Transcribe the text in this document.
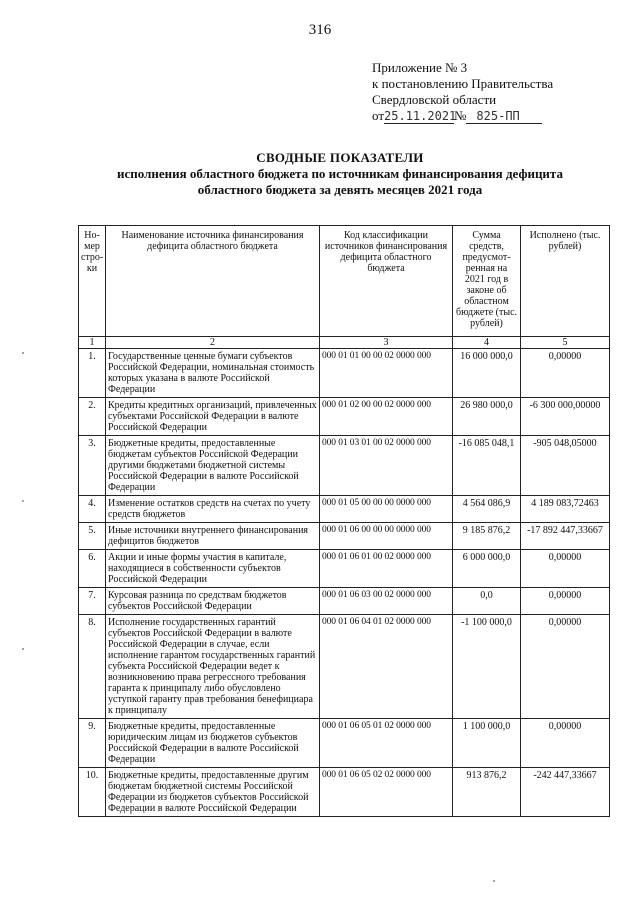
316
Приложение № 3
к постановлению Правительства
Свердловской области
от25.11.2021№ 825-ПП
СВОДНЫЕ ПОКАЗАТЕЛИ
исполнения областного бюджета по источникам финансирования дефицита
областного бюджета за девять месяцев 2021 года
Но-мер стро-ки	Наименование источника финансирования дефицита областного бюджета	Код классификации источников финансирования дефицита областного бюджета	Сумма средств, предусмот-ренная на 2021 год в законе об областном бюджете (тыс. рублей)	Исполнено (тыс. рублей)
1	2	3	4	5
1.	Государственные ценные бумаги субъектов Российской Федерации, номинальная стоимость которых указана в валюте Российской Федерации	000 01 01 00 00 02 0000 000	16 000 000,0	0,00000
2.	Кредиты кредитных организаций, привлеченных субъектами Российской Федерации в валюте Российской Федерации	000 01 02 00 00 02 0000 000	26 980 000,0	-6 300 000,00000
3.	Бюджетные кредиты, предоставленные бюджетам субъектов Российской Федерации другими бюджетами бюджетной системы Российской Федерации в валюте Российской Федерации	000 01 03 01 00 02 0000 000	-16 085 048,1	-905 048,05000
4.	Изменение остатков средств на счетах по учету средств бюджетов	000 01 05 00 00 00 0000 000	4 564 086,9	4 189 083,72463
5.	Иные источники внутреннего финансирования дефицитов бюджетов	000 01 06 00 00 00 0000 000	9 185 876,2	-17 892 447,33667
6.	Акции и иные формы участия в капитале, находящиеся в собственности субъектов Российской Федерации	000 01 06 01 00 02 0000 000	6 000 000,0	0,00000
7.	Курсовая разница по средствам бюджетов субъектов Российской Федерации	000 01 06 03 00 02 0000 000	0,0	0,00000
8.	Исполнение государственных гарантий субъектов Российской Федерации в валюте Российской Федерации в случае, если исполнение гарантом государственных гарантий субъекта Российской Федерации ведет к возникновению права регрессного требования гаранта к принципалу либо обусловлено уступкой гаранту прав требования бенефициара к принципалу	000 01 06 04 01 02 0000 000	-1 100 000,0	0,00000
9.	Бюджетные кредиты, предоставленные юридическим лицам из бюджетов субъектов Российской Федерации в валюте Российской Федерации	000 01 06 05 01 02 0000 000	1 100 000,0	0,00000
10.	Бюджетные кредиты, предоставленные другим бюджетам бюджетной системы Российской Федерации из бюджетов субъектов Российской Федерации в валюте Российской Федерации	000 01 06 05 02 02 0000 000	913 876,2	-242 447,33667
